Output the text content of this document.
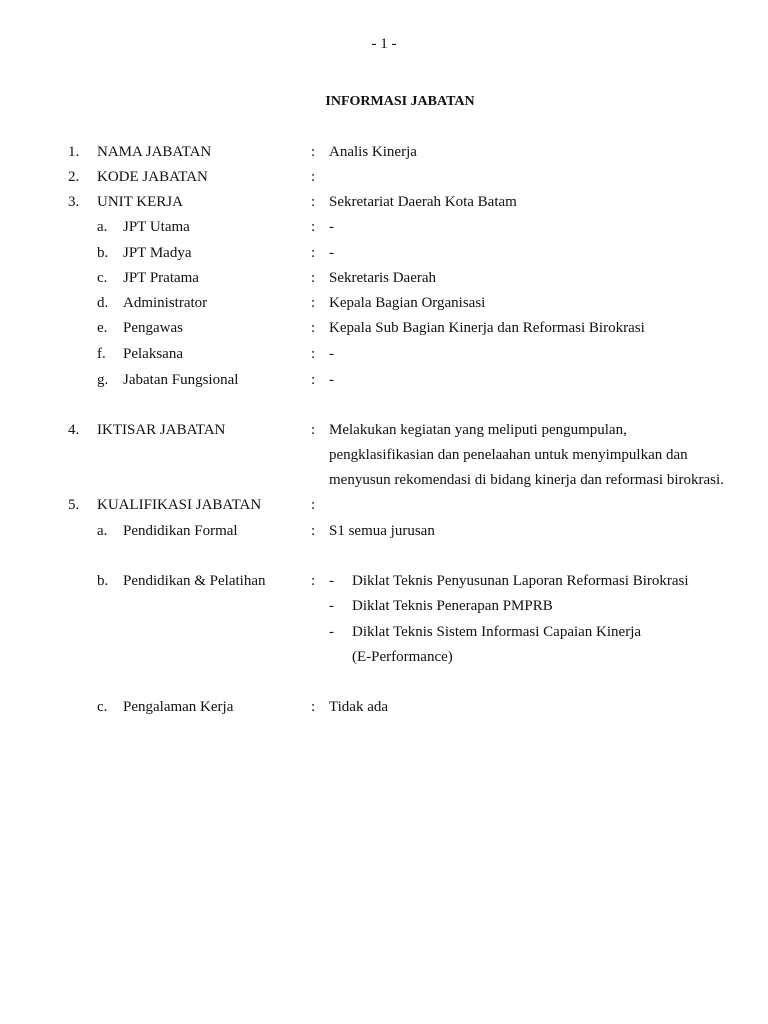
- 1 -
INFORMASI JABATAN
1. NAMA JABATAN	: Analis Kinerja
2. KODE JABATAN	:
3. UNIT KERJA	: Sekretariat Daerah Kota Batam
a. JPT Utama	: -
b. JPT Madya	: -
c. JPT Pratama	: Sekretaris Daerah
d. Administrator	: Kepala Bagian Organisasi
e. Pengawas	: Kepala Sub Bagian Kinerja dan Reformasi Birokrasi
f. Pelaksana	: -
g. Jabatan Fungsional	: -
4. IKTISAR JABATAN	: Melakukan kegiatan yang meliputi pengumpulan,
pengklasifikasian dan penelaahan untuk menyimpulkan dan
menyusun rekomendasi di bidang kinerja dan reformasi birokrasi.
5. KUALIFIKASI JABATAN	:
a. Pendidikan Formal	: S1 semua jurusan
b. Pendidikan & Pelatihan	: - Diklat Teknis Penyusunan Laporan Reformasi Birokrasi
- Diklat Teknis Penerapan PMPRB
- Diklat Teknis Sistem Informasi Capaian Kinerja
(E-Performance)
c. Pengalaman Kerja	: Tidak ada
